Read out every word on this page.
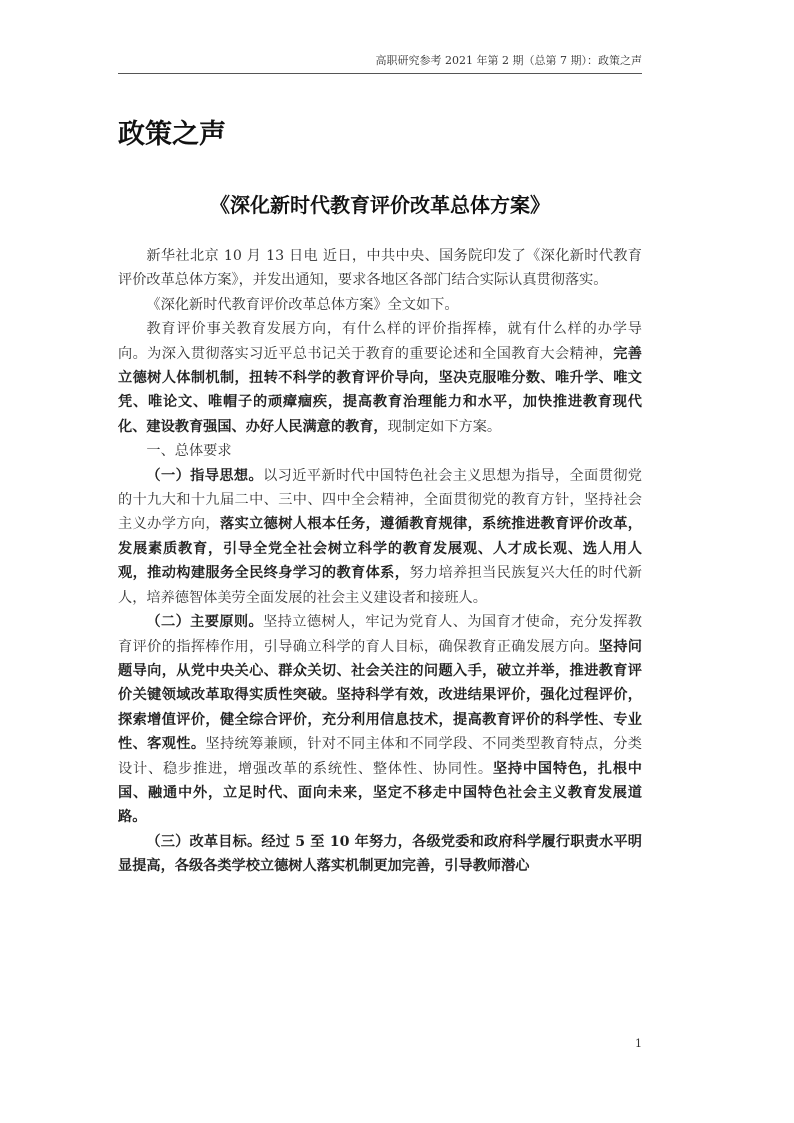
高职研究参考 2021 年第 2 期（总第 7 期）：政策之声
政策之声
《深化新时代教育评价改革总体方案》

新华社北京 10 月 13 日电 近日，中共中央、国务院印发了《深化新时代教育评价改革总体方案》，并发出通知，要求各地区各部门结合实际认真贯彻落实。

《深化新时代教育评价改革总体方案》全文如下。

教育评价事关教育发展方向，有什么样的评价指挥棒，就有什么样的办学导向。为深入贯彻落实习近平总书记关于教育的重要论述和全国教育大会精神，完善立德树人体制机制，扭转不科学的教育评价导向，坚决克服唯分数、唯升学、唯文凭、唯论文、唯帽子的顽瘴痼疾，提高教育治理能力和水平，加快推进教育现代化、建设教育强国、办好人民满意的教育，现制定如下方案。

一、总体要求

（一）指导思想。以习近平新时代中国特色社会主义思想为指导，全面贯彻党的十九大和十九届二中、三中、四中全会精神，全面贯彻党的教育方针，坚持社会主义办学方向，落实立德树人根本任务，遵循教育规律，系统推进教育评价改革，发展素质教育，引导全党全社会树立科学的教育发展观、人才成长观、选人用人观，推动构建服务全民终身学习的教育体系，努力培养担当民族复兴大任的时代新人，培养德智体美劳全面发展的社会主义建设者和接班人。

（二）主要原则。坚持立德树人，牢记为党育人、为国育才使命，充分发挥教育评价的指挥棒作用，引导确立科学的育人目标，确保教育正确发展方向。坚持问题导向，从党中央关心、群众关切、社会关注的问题入手，破立并举，推进教育评价关键领域改革取得实质性突破。坚持科学有效，改进结果评价，强化过程评价，探索增值评价，健全综合评价，充分利用信息技术，提高教育评价的科学性、专业性、客观性。坚持统筹兼顾，针对不同主体和不同学段、不同类型教育特点，分类设计、稳步推进，增强改革的系统性、整体性、协同性。坚持中国特色，扎根中国、融通中外，立足时代、面向未来，坚定不移走中国特色社会主义教育发展道路。

（三）改革目标。经过 5 至 10 年努力，各级党委和政府科学履行职责水平明显提高，各级各类学校立德树人落实机制更加完善，引导教师潜心

1
